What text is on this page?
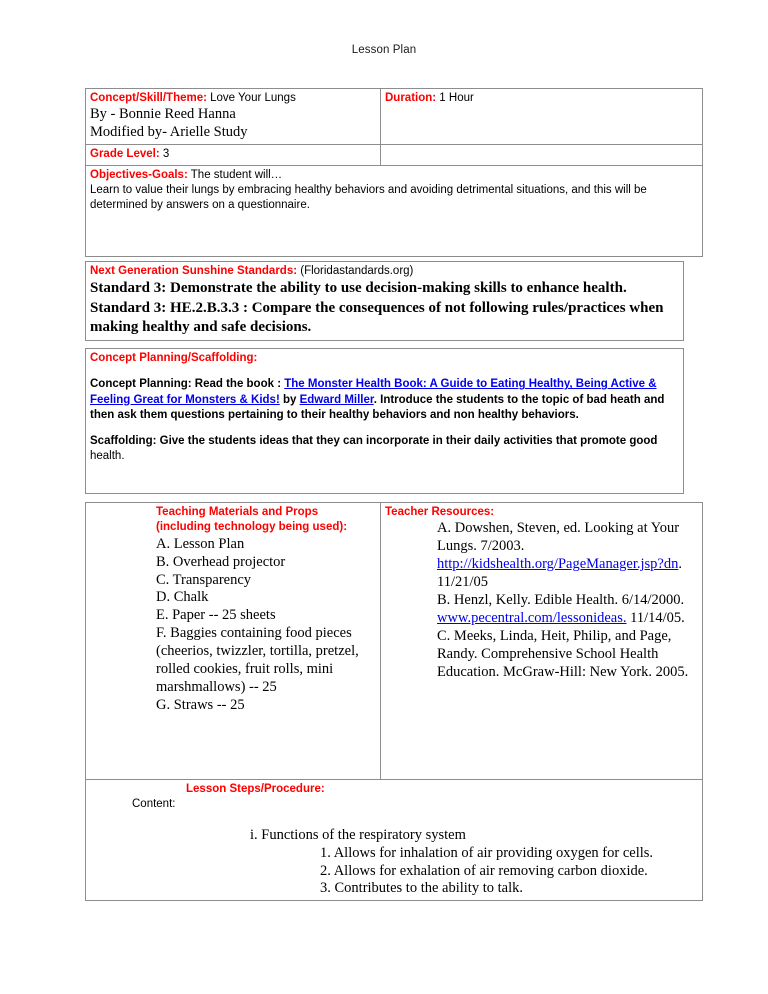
Lesson Plan

Concept/Skill/Theme: Love Your Lungs

By - Bonnie Reed Hanna

Modified by- Arielle Study	Duration: 1 Hour

Grade Level: 3	

Objectives-Goals: The student will…

Learn to value their lungs by embracing healthy behaviors and avoiding detrimental situations, and this will be determined by answers on a questionnaire.	

Next Generation Sunshine Standards: (Floridastandards.org)

Standard 3: Demonstrate the ability to use decision-making skills to enhance health.

Standard 3: HE.2.B.3.3 : Compare the consequences of not following rules/practices when making healthy and safe decisions.

Concept Planning/Scaffolding:

Concept Planning: Read the book : The Monster Health Book: A Guide to Eating Healthy, Being Active & Feeling Great for Monsters & Kids! by Edward Miller. Introduce the students to the topic of bad heath and then ask them questions pertaining to their healthy behaviors and non healthy behaviors.

Scaffolding: Give the students ideas that they can incorporate in their daily activities that promote good health.

Teaching Materials and Props

(including technology being used):

A. Lesson Plan

B. Overhead projector

C. Transparency

D. Chalk

E. Paper -- 25 sheets

F. Baggies containing food pieces (cheerios, twizzler, tortilla, pretzel, rolled cookies, fruit rolls, mini marshmallows) -- 25

G. Straws -- 25

Teacher Resources:

A. Dowshen, Steven, ed. Looking at Your Lungs. 7/2003. http://kidshealth.org/PageManager.jsp?dn. 11/21/05

B. Henzl, Kelly. Edible Health. 6/14/2000. www.pecentral.com/lessonideas. 11/14/05.

C. Meeks, Linda, Heit, Philip, and Page, Randy. Comprehensive School Health Education. McGraw-Hill: New York. 2005.

Lesson Steps/Procedure:

Content:

i. Functions of the respiratory system

1. Allows for inhalation of air providing oxygen for cells.

2. Allows for exhalation of air removing carbon dioxide.

3. Contributes to the ability to talk.
